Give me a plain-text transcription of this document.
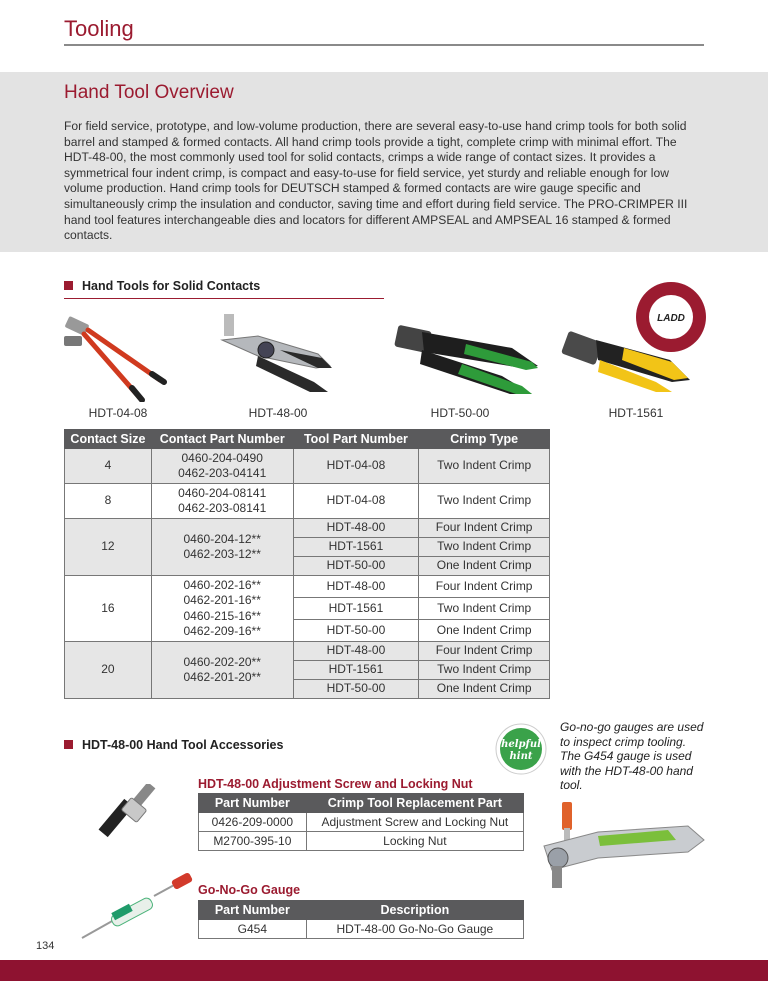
Tooling
Hand Tool Overview
For field service, prototype, and low-volume production, there are several easy-to-use hand crimp tools for both solid barrel and stamped & formed contacts. All hand crimp tools provide a tight, complete crimp with minimal effort. The HDT-48-00, the most commonly used tool for solid contacts, crimps a wide range of contact sizes. It provides a symmetrical four indent crimp, is compact and easy-to-use for field service, yet sturdy and reliable enough for low volume production. Hand crimp tools for DEUTSCH stamped & formed contacts are wire gauge specific and simultaneously crimp the insulation and conductor, saving time and effort during field service. The PRO-CRIMPER III hand tool features interchangeable dies and locators for different AMPSEAL and AMPSEAL 16 stamped & formed contacts.
Hand Tools for Solid Contacts
LADD
HDT-04-08	HDT-48-00	HDT-50-00	HDT-1561
Contact Size	Contact Part Number	Tool Part Number	Crimp Type
4	0460-204-0490
0462-203-04141	HDT-04-08	Two Indent Crimp
8	0460-204-08141
0462-203-08141	HDT-04-08	Two Indent Crimp
12	0460-204-12**
0462-203-12**	HDT-48-00	Four Indent Crimp
		HDT-1561	Two Indent Crimp
		HDT-50-00	One Indent Crimp
16	0460-202-16**
0462-201-16**
0460-215-16**
0462-209-16**	HDT-48-00	Four Indent Crimp
		HDT-1561	Two Indent Crimp
		HDT-50-00	One Indent Crimp
20	0460-202-20**
0462-201-20**	HDT-48-00	Four Indent Crimp
		HDT-1561	Two Indent Crimp
		HDT-50-00	One Indent Crimp
HDT-48-00 Hand Tool Accessories	helpful
hint
Go-no-go gauges are used to inspect crimp tooling. The G454 gauge is used with the HDT-48-00 hand tool.
HDT-48-00 Adjustment Screw and Locking Nut
Part Number	Crimp Tool Replacement Part
0426-209-0000	Adjustment Screw and Locking Nut
M2700-395-10	Locking Nut
Go-No-Go Gauge
Part Number	Description
G454	HDT-48-00 Go-No-Go Gauge
134
